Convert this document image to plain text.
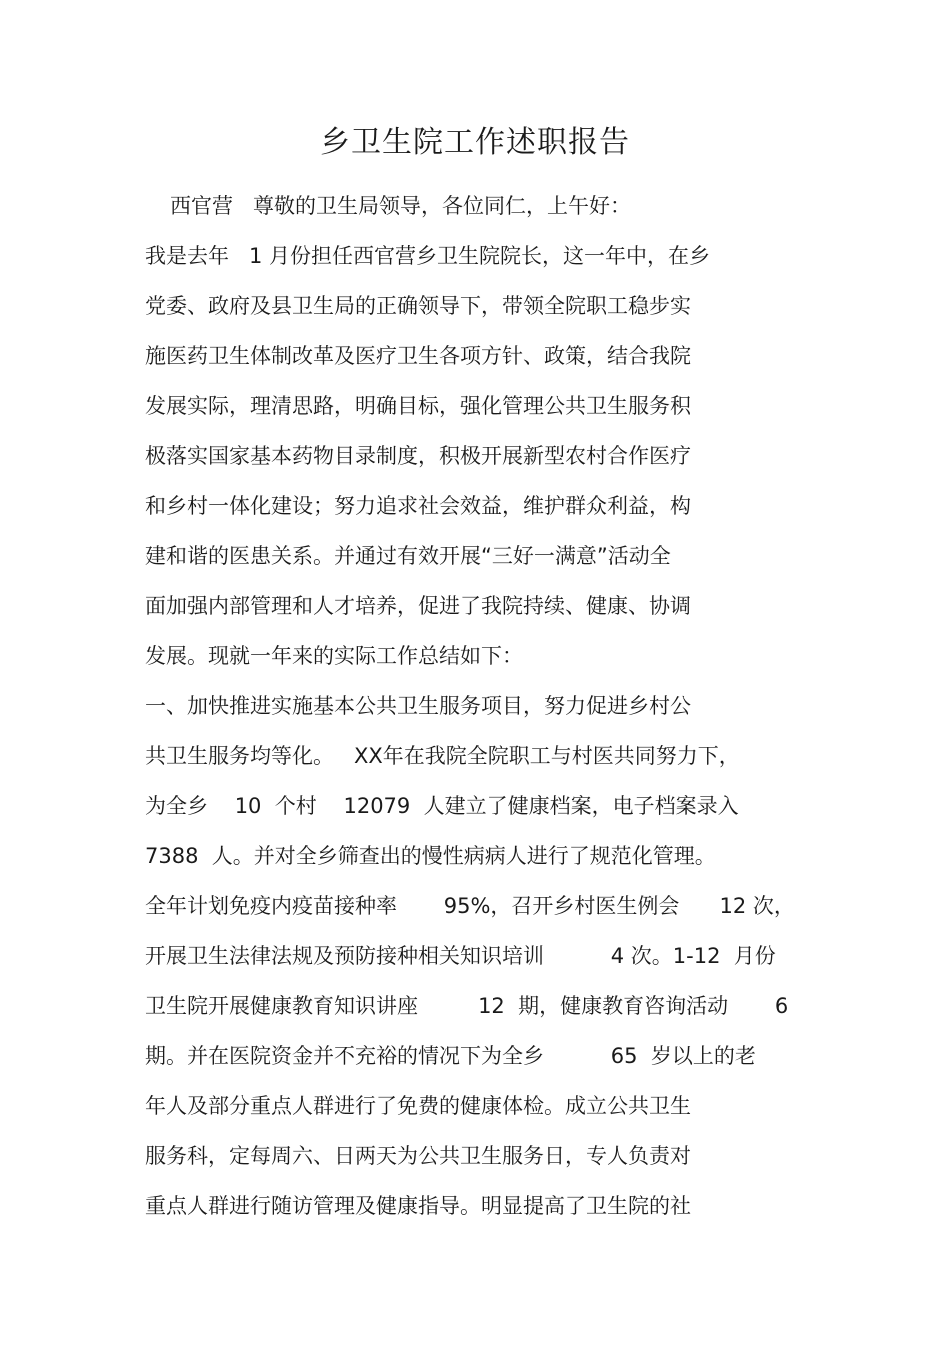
乡卫生院工作述职报告
西官营   尊敬的卫生局领导，各位同仁，上午好：
我是去年   1 月份担任西官营乡卫生院院长，这一年中，在乡
党委、政府及县卫生局的正确领导下，带领全院职工稳步实
施医药卫生体制改革及医疗卫生各项方针、政策，结合我院
发展实际，理清思路，明确目标，强化管理公共卫生服务积
极落实国家基本药物目录制度，积极开展新型农村合作医疗
和乡村一体化建设；努力追求社会效益，维护群众利益，构
建和谐的医患关系。并通过有效开展“三好一满意”活动全
面加强内部管理和人才培养，促进了我院持续、健康、协调
发展。现就一年来的实际工作总结如下：
一、加快推进实施基本公共卫生服务项目，努力促进乡村公
共卫生服务均等化。   XX年在我院全院职工与村医共同努力下，
为全乡    10  个村    12079  人建立了健康档案，电子档案录入
7388  人。并对全乡筛查出的慢性病病人进行了规范化管理。
全年计划免疫内疫苗接种率       95%，召开乡村医生例会      12 次，
开展卫生法律法规及预防接种相关知识培训          4 次。1-12  月份
卫生院开展健康教育知识讲座         12  期，健康教育咨询活动       6
期。并在医院资金并不充裕的情况下为全乡          65  岁以上的老
年人及部分重点人群进行了免费的健康体检。成立公共卫生
服务科，定每周六、日两天为公共卫生服务日，专人负责对
重点人群进行随访管理及健康指导。明显提高了卫生院的社
